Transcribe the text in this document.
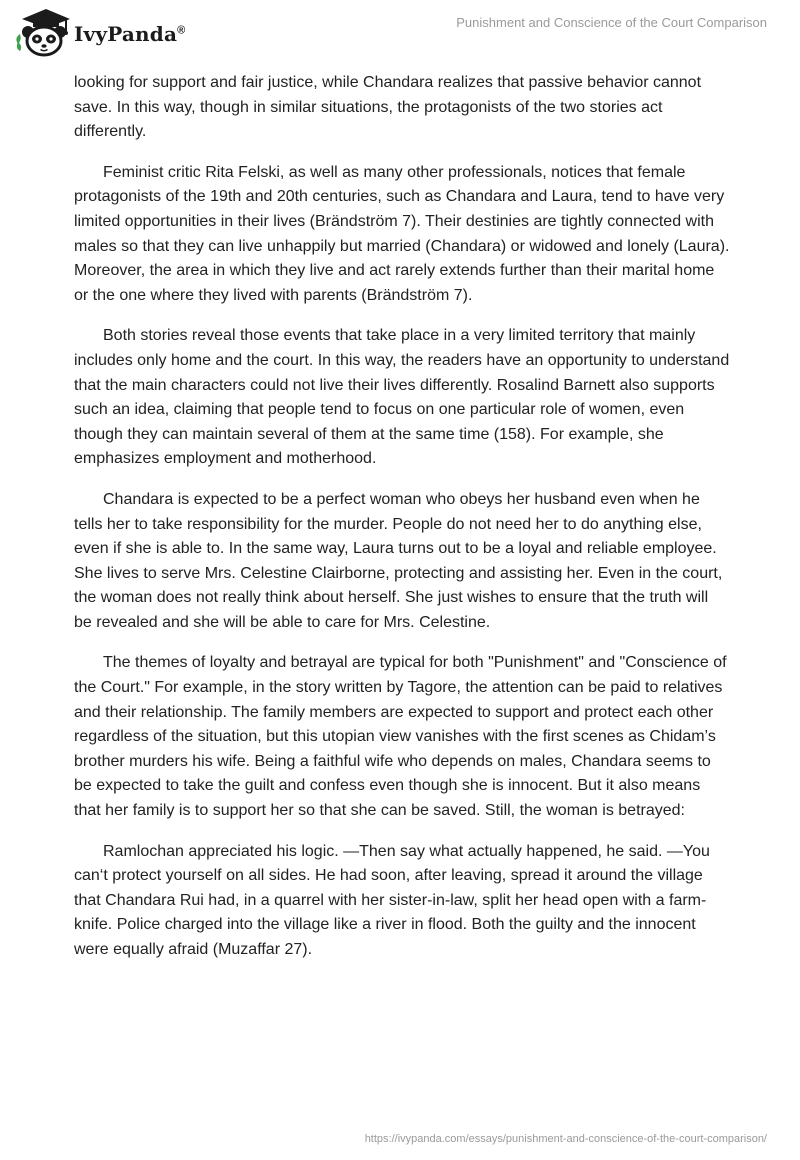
IvyPanda®
Punishment and Conscience of the Court Comparison

looking for support and fair justice, while Chandara realizes that passive behavior cannot save. In this way, though in similar situations, the protagonists of the two stories act differently.

Feminist critic Rita Felski, as well as many other professionals, notices that female protagonists of the 19th and 20th centuries, such as Chandara and Laura, tend to have very limited opportunities in their lives (Brändström 7). Their destinies are tightly connected with males so that they can live unhappily but married (Chandara) or widowed and lonely (Laura). Moreover, the area in which they live and act rarely extends further than their marital home or the one where they lived with parents (Brändström 7).

Both stories reveal those events that take place in a very limited territory that mainly includes only home and the court. In this way, the readers have an opportunity to understand that the main characters could not live their lives differently. Rosalind Barnett also supports such an idea, claiming that people tend to focus on one particular role of women, even though they can maintain several of them at the same time (158). For example, she emphasizes employment and motherhood.

Chandara is expected to be a perfect woman who obeys her husband even when he tells her to take responsibility for the murder. People do not need her to do anything else, even if she is able to. In the same way, Laura turns out to be a loyal and reliable employee. She lives to serve Mrs. Celestine Clairborne, protecting and assisting her. Even in the court, the woman does not really think about herself. She just wishes to ensure that the truth will be revealed and she will be able to care for Mrs. Celestine.

The themes of loyalty and betrayal are typical for both "Punishment" and "Conscience of the Court." For example, in the story written by Tagore, the attention can be paid to relatives and their relationship. The family members are expected to support and protect each other regardless of the situation, but this utopian view vanishes with the first scenes as Chidam’s brother murders his wife. Being a faithful wife who depends on males, Chandara seems to be expected to take the guilt and confess even though she is innocent. But it also means that her family is to support her so that she can be saved. Still, the woman is betrayed:

Ramlochan appreciated his logic. —Then say what actually happened, he said. —You can‘t protect yourself on all sides. He had soon, after leaving, spread it around the village that Chandara Rui had, in a quarrel with her sister-in-law, split her head open with a farm-knife. Police charged into the village like a river in flood. Both the guilty and the innocent were equally afraid (Muzaffar 27).

https://ivypanda.com/essays/punishment-and-conscience-of-the-court-comparison/
